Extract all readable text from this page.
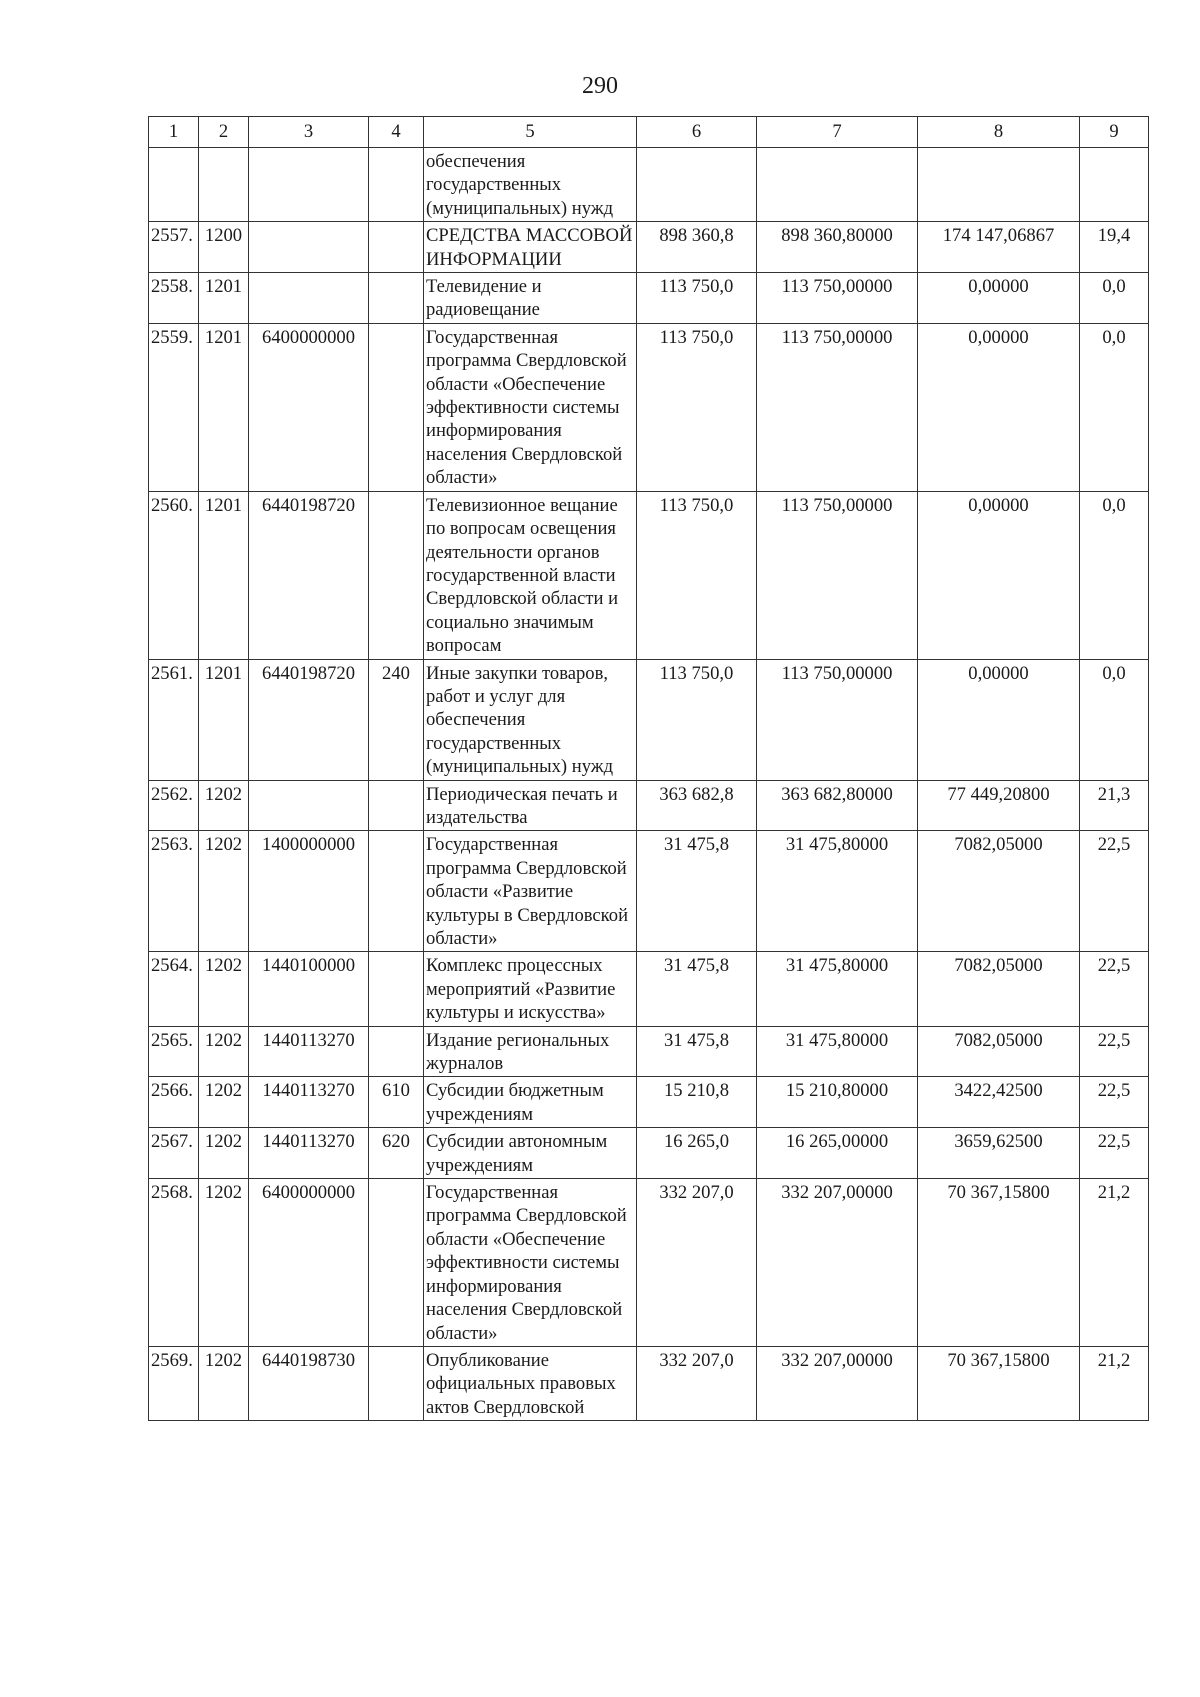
290
1	2	3	4	5	6	7	8	9
				обеспечения государственных (муниципальных) нужд				
2557.	1200			СРЕДСТВА МАССОВОЙ ИНФОРМАЦИИ	898 360,8	898 360,80000	174 147,06867	19,4
2558.	1201			Телевидение и радиовещание	113 750,0	113 750,00000	0,00000	0,0
2559.	1201	6400000000		Государственная программа Свердловской области «Обеспечение эффективности системы информирования населения Свердловской области»	113 750,0	113 750,00000	0,00000	0,0
2560.	1201	6440198720		Телевизионное вещание по вопросам освещения деятельности органов государственной власти Свердловской области и социально значимым вопросам	113 750,0	113 750,00000	0,00000	0,0
2561.	1201	6440198720	240	Иные закупки товаров, работ и услуг для обеспечения государственных (муниципальных) нужд	113 750,0	113 750,00000	0,00000	0,0
2562.	1202			Периодическая печать и издательства	363 682,8	363 682,80000	77 449,20800	21,3
2563.	1202	1400000000		Государственная программа Свердловской области «Развитие культуры в Свердловской области»	31 475,8	31 475,80000	7082,05000	22,5
2564.	1202	1440100000		Комплекс процессных мероприятий «Развитие культуры и искусства»	31 475,8	31 475,80000	7082,05000	22,5
2565.	1202	1440113270		Издание региональных журналов	31 475,8	31 475,80000	7082,05000	22,5
2566.	1202	1440113270	610	Субсидии бюджетным учреждениям	15 210,8	15 210,80000	3422,42500	22,5
2567.	1202	1440113270	620	Субсидии автономным учреждениям	16 265,0	16 265,00000	3659,62500	22,5
2568.	1202	6400000000		Государственная программа Свердловской области «Обеспечение эффективности системы информирования населения Свердловской области»	332 207,0	332 207,00000	70 367,15800	21,2
2569.	1202	6440198730		Опубликование официальных правовых актов Свердловской	332 207,0	332 207,00000	70 367,15800	21,2
